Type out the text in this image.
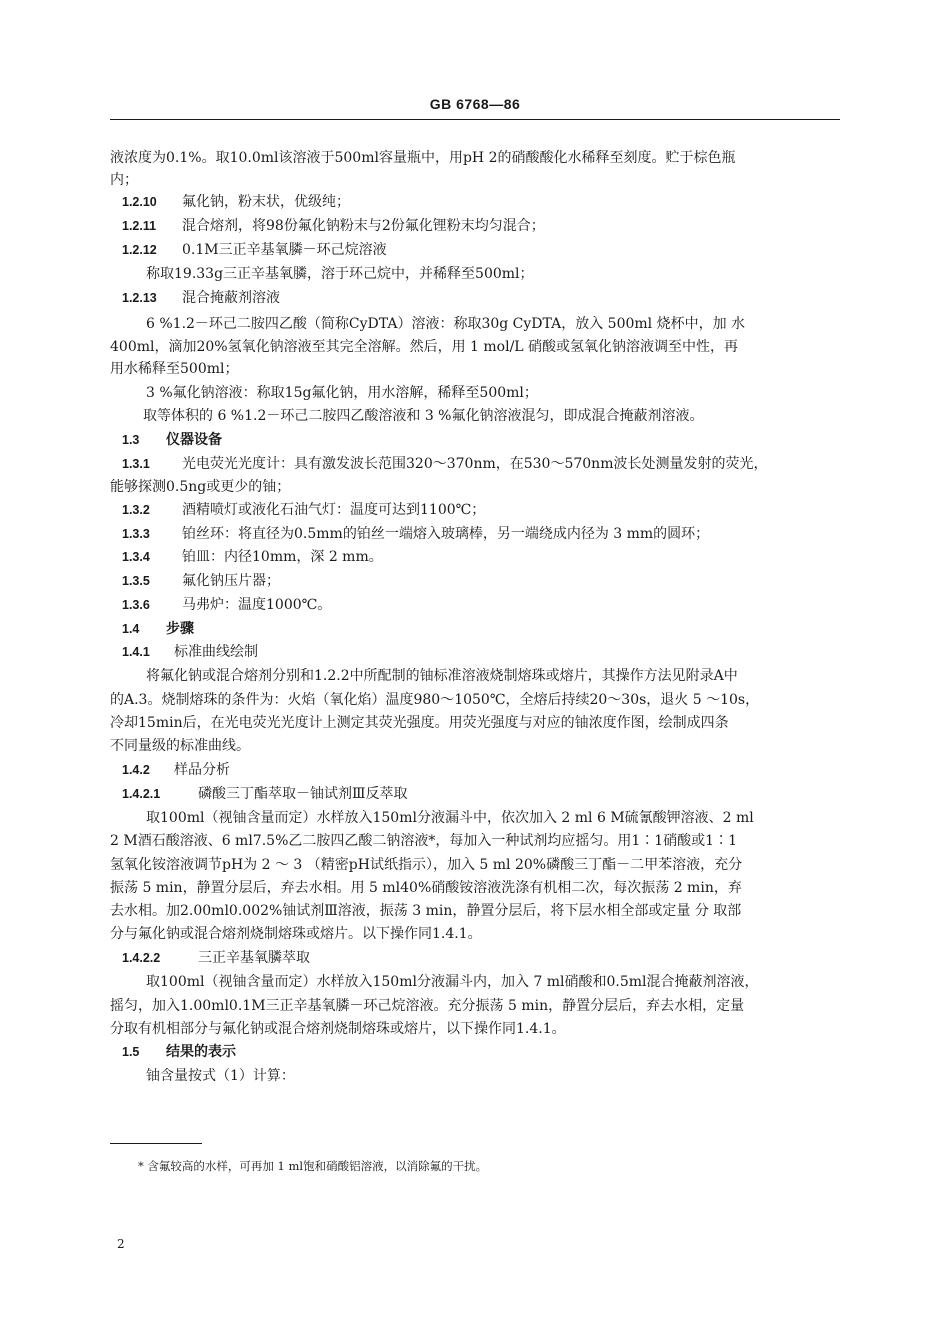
GB 6768—86
液浓度为0.1%。取10.0ml该溶液于500ml容量瓶中，用pH 2的硝酸酸化水稀释至刻度。贮于棕色瓶
内；
1.2.10 氟化钠，粉末状，优级纯；
1.2.11 混合熔剂，将98份氟化钠粉末与2份氟化锂粉末均匀混合；
1.2.12 0.1M三正辛基氧膦－环己烷溶液
称取19.33g三正辛基氧膦，溶于环己烷中，并稀释至500ml；
1.2.13 混合掩蔽剂溶液
6 %1.2－环己二胺四乙酸（简称CyDTA）溶液：称取30g CyDTA，放入 500ml 烧杯中，加 水
400ml，滴加20%氢氧化钠溶液至其完全溶解。然后，用 1 mol/L 硝酸或氢氧化钠溶液调至中性，再
用水稀释至500ml；
3 %氟化钠溶液：称取15g氟化钠，用水溶解，稀释至500ml；
取等体积的 6 %1.2－环己二胺四乙酸溶液和 3 %氟化钠溶液混匀，即成混合掩蔽剂溶液。
1.3 仪器设备
1.3.1 光电荧光光度计：具有激发波长范围320～370nm，在530～570nm波长处测量发射的荧光，
能够探测0.5ng或更少的铀；
1.3.2 酒精喷灯或液化石油气灯：温度可达到1100℃；
1.3.3 铂丝环：将直径为0.5mm的铂丝一端熔入玻璃棒，另一端绕成内径为 3 mm的圆环；
1.3.4 铂皿：内径10mm，深 2 mm。
1.3.5 氟化钠压片器；
1.3.6 马弗炉：温度1000℃。
1.4 步骤
1.4.1 标准曲线绘制
将氟化钠或混合熔剂分别和1.2.2中所配制的铀标准溶液烧制熔珠或熔片，其操作方法见附录A中
的A.3。烧制熔珠的条件为：火焰（氧化焰）温度980～1050℃，全熔后持续20～30s，退火 5 ～10s，
冷却15min后，在光电荧光光度计上测定其荧光强度。用荧光强度与对应的铀浓度作图，绘制成四条
不同量级的标准曲线。
1.4.2 样品分析
1.4.2.1	磷酸三丁酯萃取－铀试剂Ⅲ反萃取
取100ml（视铀含量而定）水样放入150ml分液漏斗中，依次加入 2 ml 6 M硫氰酸钾溶液、2 ml
2 M酒石酸溶液、6 ml7.5%乙二胺四乙酸二钠溶液*，每加入一种试剂均应摇匀。用1∶1硝酸或1∶1
氢氧化铵溶液调节pH为 2 ～ 3 （精密pH试纸指示），加入 5 ml 20%磷酸三丁酯－二甲苯溶液，充分
振荡 5 min，静置分层后，弃去水相。用 5 ml40%硝酸铵溶液洗涤有机相二次，每次振荡 2 min，弃
去水相。加2.00ml0.002%铀试剂Ⅲ溶液，振荡 3 min，静置分层后，将下层水相全部或定量 分 取部
分与氟化钠或混合熔剂烧制熔珠或熔片。以下操作同1.4.1。
1.4.2.2	三正辛基氧膦萃取
取100ml（视铀含量而定）水样放入150ml分液漏斗内，加入 7 ml硝酸和0.5ml混合掩蔽剂溶液，
摇匀，加入1.00ml0.1M三正辛基氧膦－环己烷溶液。充分振荡 5 min，静置分层后，弃去水相，定量
分取有机相部分与氟化钠或混合熔剂烧制熔珠或熔片，以下操作同1.4.1。
1.5 结果的表示
铀含量按式（1）计算：
* 含氟较高的水样，可再加 1 ml饱和硝酸铝溶液，以消除氟的干扰。
2
